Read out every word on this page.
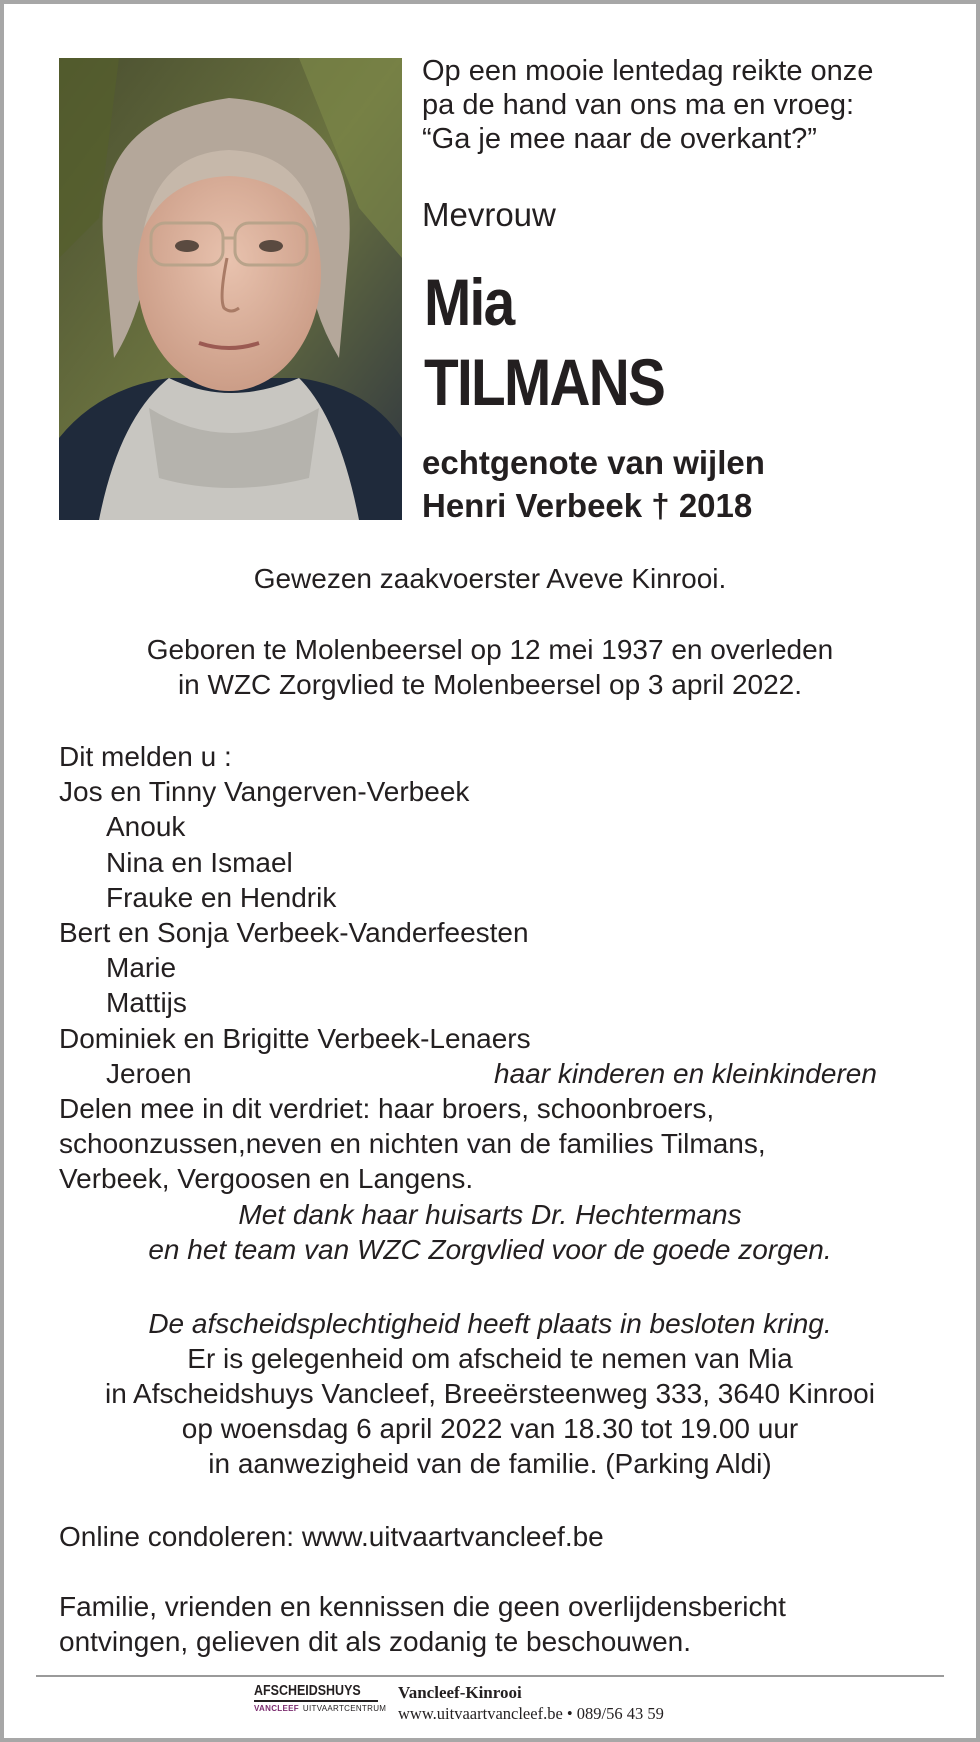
Op een mooie lentedag reikte onze
pa de hand van ons ma en vroeg:
“Ga je mee naar de overkant?”
Mevrouw
Mia
TILMANS
echtgenote van wijlen
Henri Verbeek † 2018
Gewezen zaakvoerster Aveve Kinrooi.
Geboren te Molenbeersel op 12 mei 1937 en overleden
in WZC Zorgvlied te Molenbeersel op 3 april 2022.
Dit melden u :
Jos en Tinny Vangerven-Verbeek
Anouk
Nina en Ismael
Frauke en Hendrik
Bert en Sonja Verbeek-Vanderfeesten
Marie
Mattijs
Dominiek en Brigitte Verbeek-Lenaers
Jeroen	haar kinderen en kleinkinderen
Delen mee in dit verdriet: haar broers, schoonbroers,
schoonzussen,neven en nichten van de families Tilmans,
Verbeek, Vergoosen en Langens.
Met dank haar huisarts Dr. Hechtermans
en het team van WZC Zorgvlied voor de goede zorgen.
De afscheidsplechtigheid heeft plaats in besloten kring.
Er is gelegenheid om afscheid te nemen van Mia
in Afscheidshuys Vancleef, Breeërsteenweg 333, 3640 Kinrooi
op woensdag 6 april 2022 van 18.30 tot 19.00 uur
in aanwezigheid van de familie. (Parking Aldi)
Online condoleren: www.uitvaartvancleef.be
Familie, vrienden en kennissen die geen overlijdensbericht
ontvingen, gelieven dit als zodanig te beschouwen.
AFSCHEIDSHUYS
VANCLEEF UITVAARTCENTRUM
Vancleef-Kinrooi
www.uitvaartvancleef.be • 089/56 43 59
